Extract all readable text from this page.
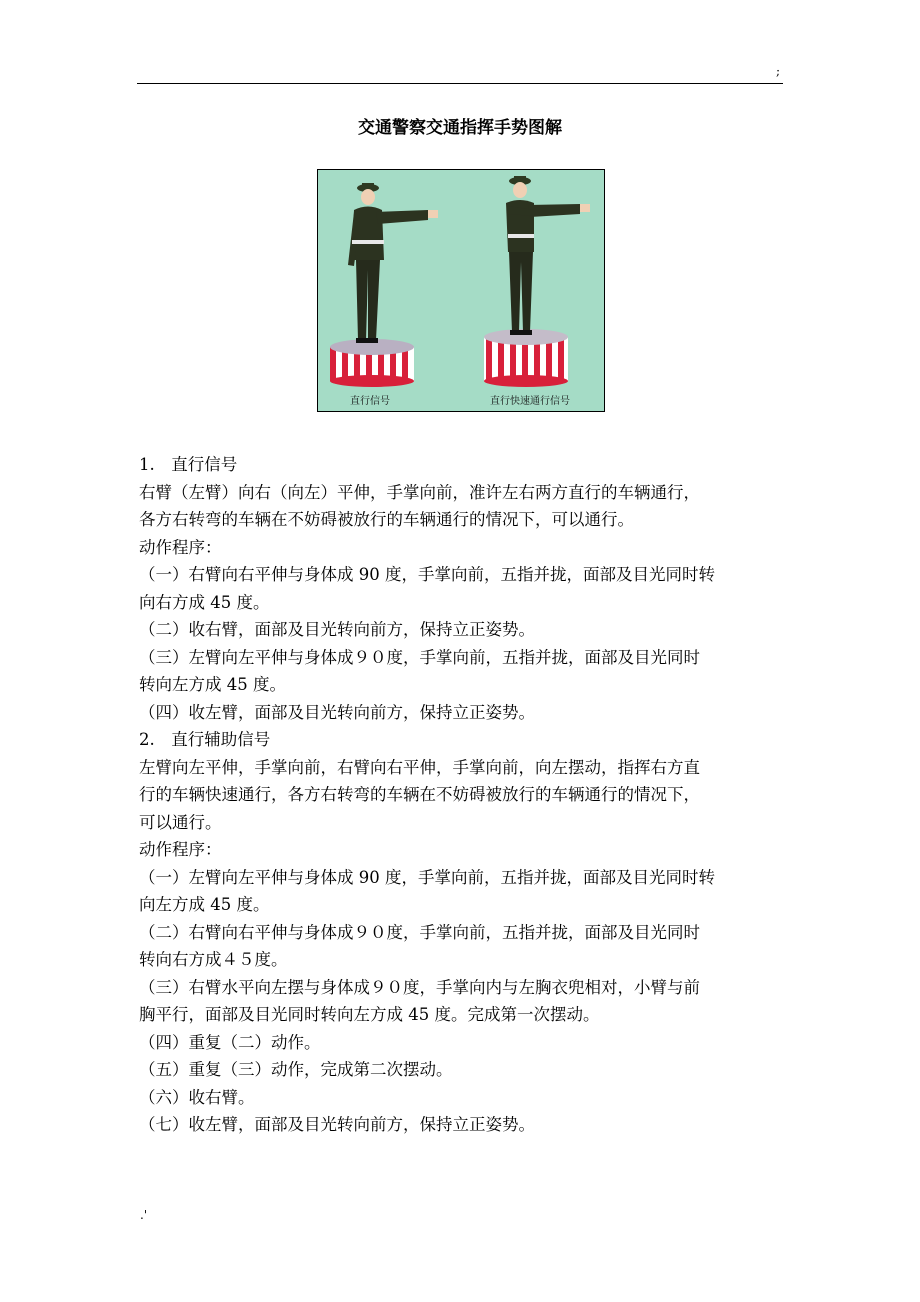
;
交通警察交通指挥手势图解
直行信号	直行快速通行信号
1.　直行信号
右臂（左臂）向右（向左）平伸，手掌向前，准许左右两方直行的车辆通行，
各方右转弯的车辆在不妨碍被放行的车辆通行的情况下，可以通行。
动作程序：
（一）右臂向右平伸与身体成 90 度，手掌向前，五指并拢，面部及目光同时转
向右方成 45 度。
（二）收右臂，面部及目光转向前方，保持立正姿势。
（三）左臂向左平伸与身体成９０度，手掌向前，五指并拢，面部及目光同时
转向左方成 45 度。
（四）收左臂，面部及目光转向前方，保持立正姿势。
2.　直行辅助信号
左臂向左平伸，手掌向前，右臂向右平伸，手掌向前，向左摆动，指挥右方直
行的车辆快速通行，各方右转弯的车辆在不妨碍被放行的车辆通行的情况下，
可以通行。
动作程序：
（一）左臂向左平伸与身体成 90 度，手掌向前，五指并拢，面部及目光同时转
向左方成 45 度。
（二）右臂向右平伸与身体成９０度，手掌向前，五指并拢，面部及目光同时
转向右方成４５度。
（三）右臂水平向左摆与身体成９０度，手掌向内与左胸衣兜相对，小臂与前
胸平行，面部及目光同时转向左方成 45 度。完成第一次摆动。
（四）重复（二）动作。
（五）重复（三）动作，完成第二次摆动。
（六）收右臂。
（七）收左臂，面部及目光转向前方，保持立正姿势。
.'
